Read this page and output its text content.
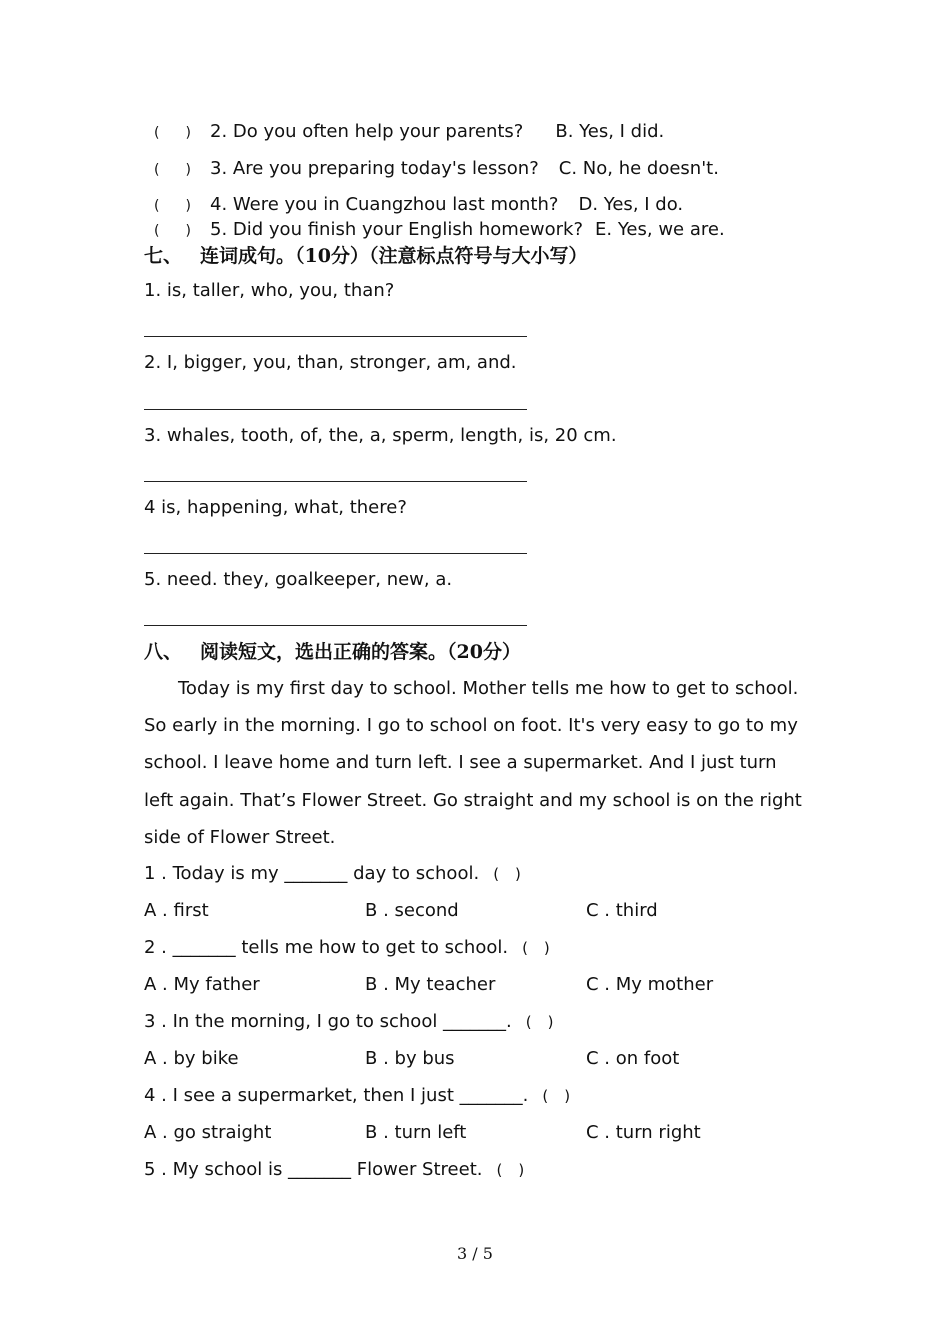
( ) 2. Do you often help your parents? B. Yes, I did.
( ) 3. Are you preparing today's lesson? C. No, he doesn't.
( ) 4. Were you in Cuangzhou last month? D. Yes, I do.
( ) 5. Did you finish your English homework? E. Yes, we are.
七、 连词成句。（10分）（注意标点符号与大小写）
1. is, taller, who, you, than?
2. I, bigger, you, than, stronger, am, and.
3. whales, tooth, of, the, a, sperm, length, is, 20 cm.
4 is, happening, what, there?
5. need. they, goalkeeper, new, a.
八、 阅读短文，选出正确的答案。（20分）
Today is my first day to school. Mother tells me how to get to school. So early in the morning. I go to school on foot. It's very easy to go to my school. I leave home and turn left. I see a supermarket. And I just turn left again. That’s Flower Street. Go straight and my school is on the right side of Flower Street.
1 . Today is my _______ day to school. ( )
A . first	B . second	C . third
2 . _______ tells me how to get to school. ( )
A . My father	B . My teacher	C . My mother
3 . In the morning, I go to school _______. ( )
A . by bike	B . by bus	C . on foot
4 . I see a supermarket, then I just _______. ( )
A . go straight	B . turn left	C . turn right
5 . My school is _______ Flower Street. ( )
3 / 5
